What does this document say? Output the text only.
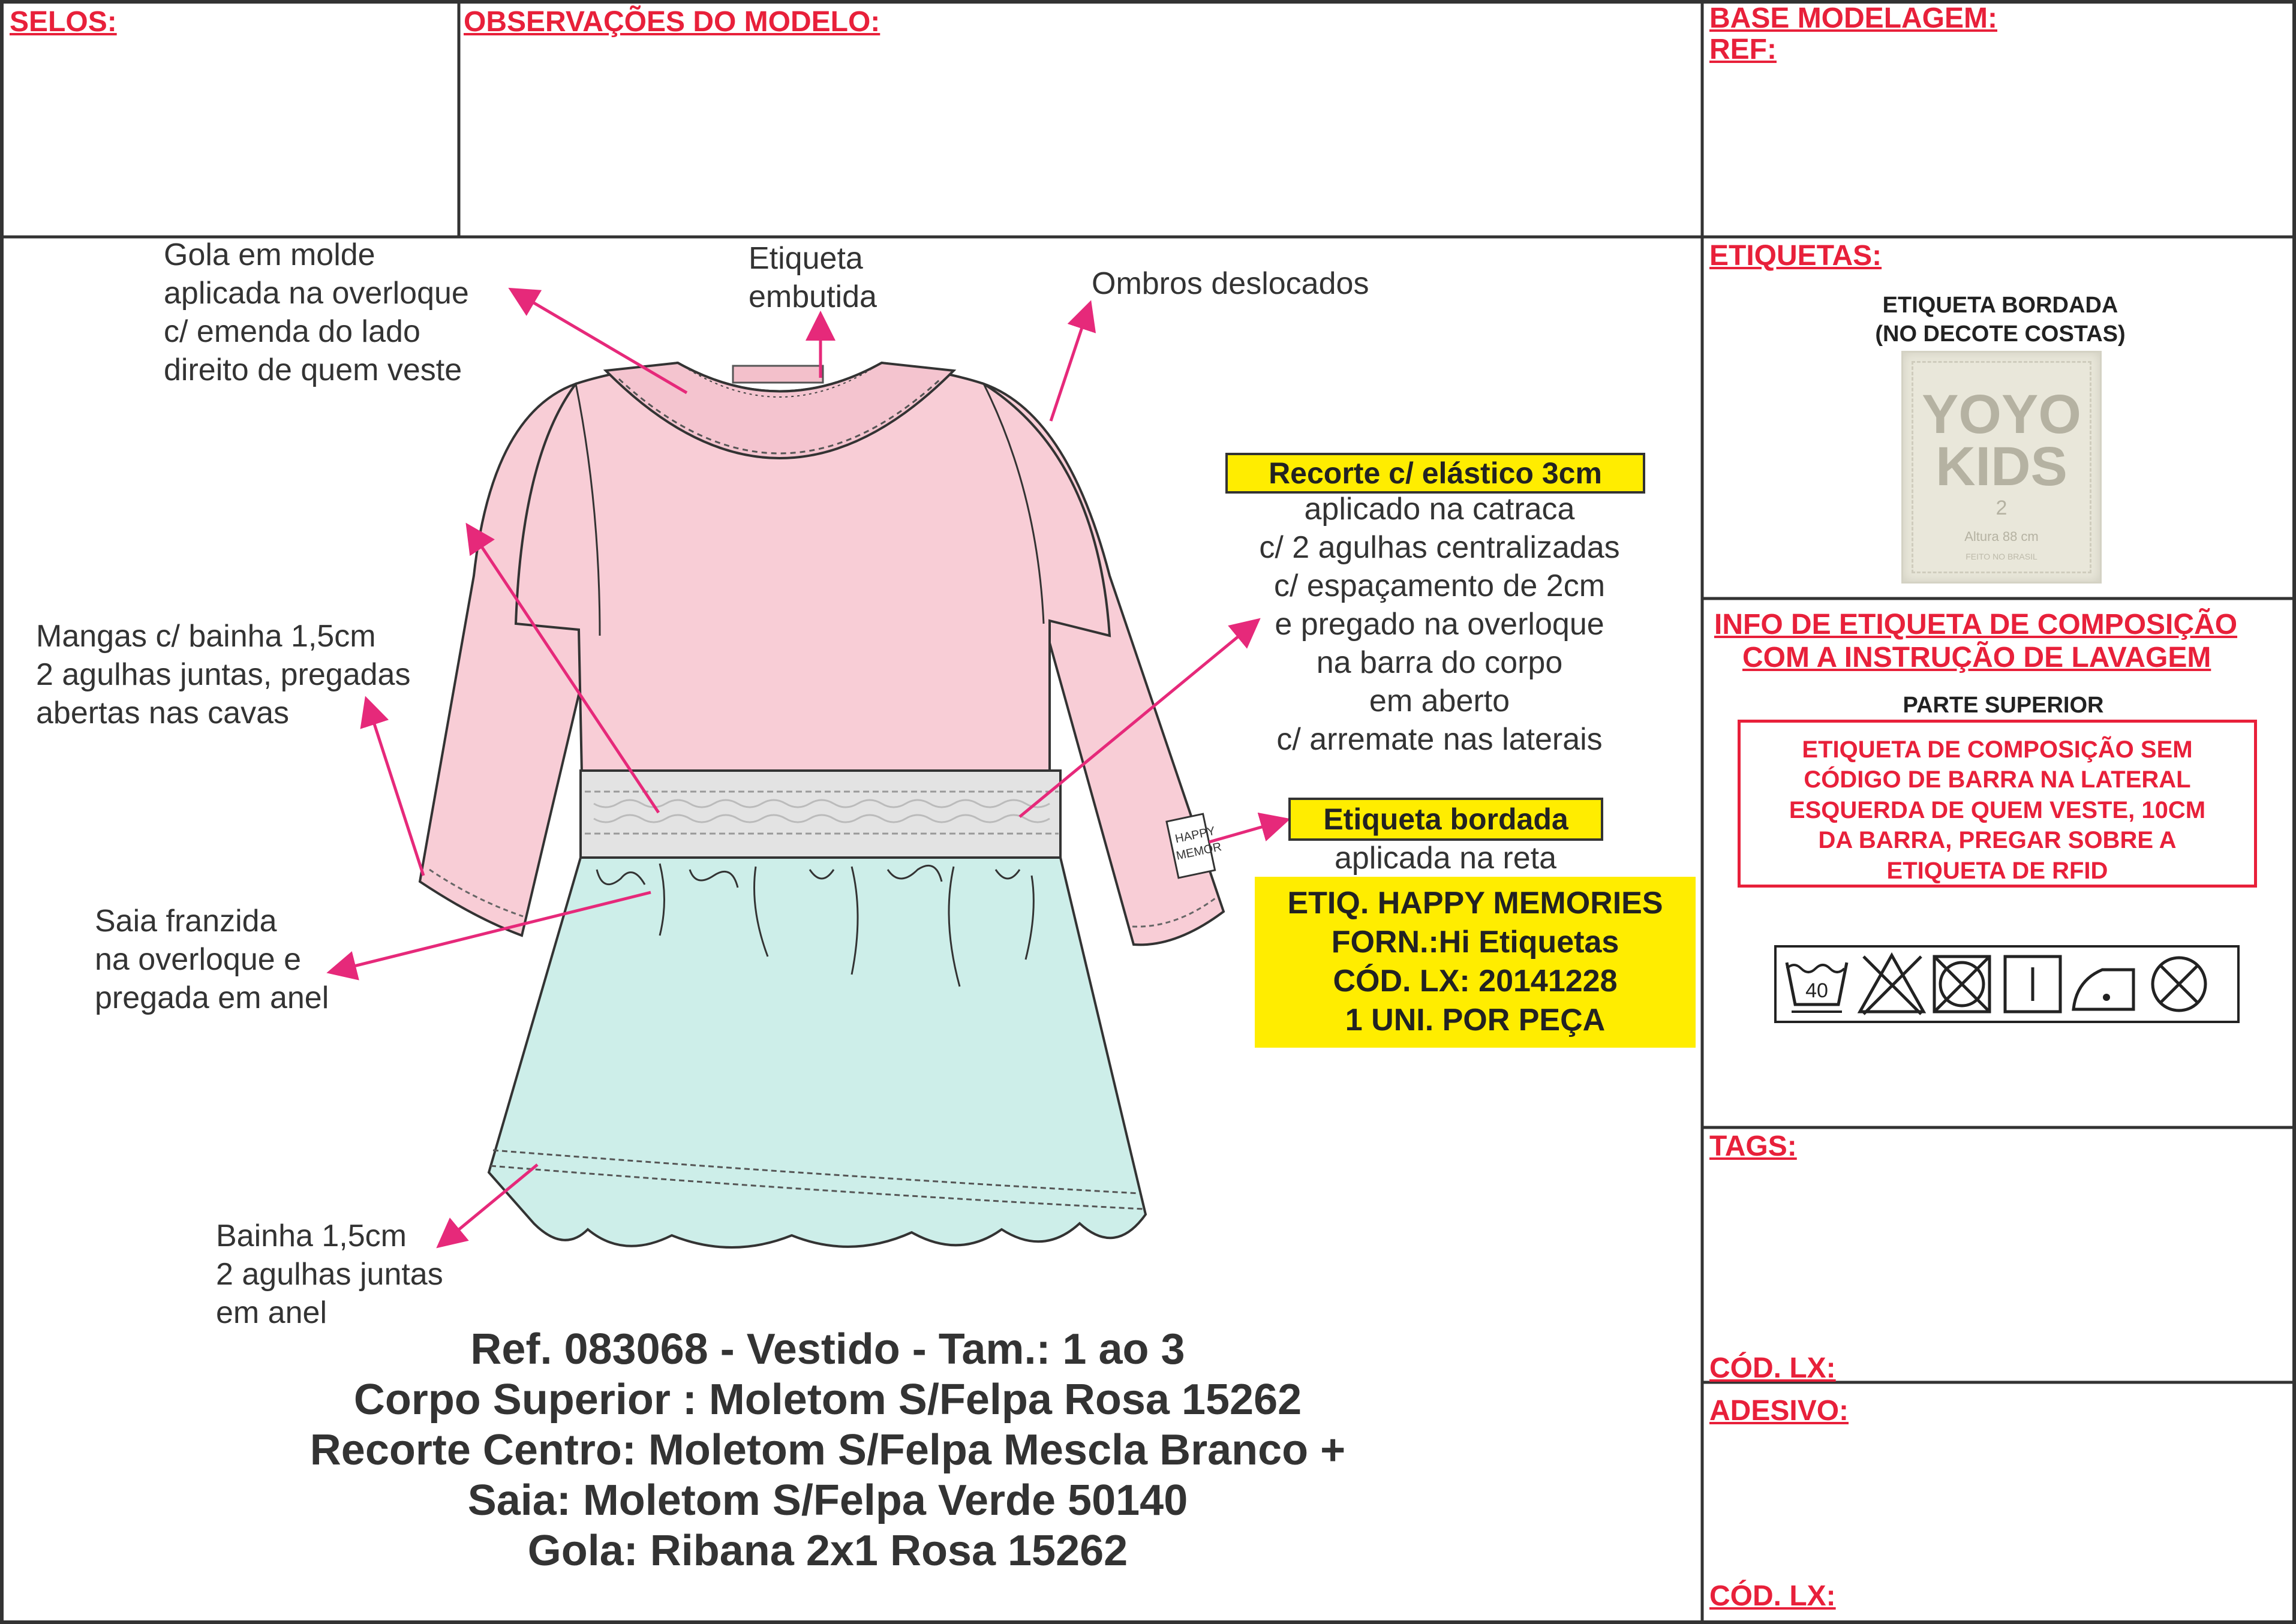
SELOS:	OBSERVAÇÕES DO MODELO:	BASE MODELAGEM:
REF:
ETIQUETAS:
INFO DE ETIQUETA DE COMPOSIÇÃO
COM A INSTRUÇÃO DE LAVAGEM
TAGS:
CÓD. LX:
ADESIVO:
CÓD. LX:
ETIQUETA BORDADA
(NO DECOTE COSTAS)
YOYO
KIDS
2
Altura 88 cm
FEITO NO BRASIL
PARTE SUPERIOR
ETIQUETA DE COMPOSIÇÃO SEM
CÓDIGO DE BARRA NA LATERAL
ESQUERDA DE QUEM VESTE, 10CM
DA BARRA, PREGAR SOBRE A
ETIQUETA DE RFID
40
HAPPY
MEMOR
Gola em molde
aplicada na overloque
c/ emenda do lado
direito de quem veste
Etiqueta
embutida	Ombros deslocados
Recorte c/ elástico 3cm
aplicado na catraca
c/ 2 agulhas centralizadas
c/ espaçamento de 2cm
e pregado na overloque
na barra do corpo
em aberto
c/ arremate nas laterais
Mangas c/ bainha 1,5cm
2 agulhas juntas, pregadas
abertas nas cavas
Etiqueta bordada
aplicada na reta
ETIQ. HAPPY MEMORIES
FORN.:Hi Etiquetas
CÓD. LX: 20141228
1 UNI. POR PEÇA
Saia franzida
na overloque e
pregada em anel
Bainha 1,5cm
2 agulhas juntas
em anel
Ref. 083068 - Vestido - Tam.: 1 ao 3
Corpo Superior : Moletom S/Felpa Rosa 15262
Recorte Centro: Moletom S/Felpa Mescla Branco +
Saia: Moletom S/Felpa Verde 50140
Gola: Ribana 2x1 Rosa 15262
